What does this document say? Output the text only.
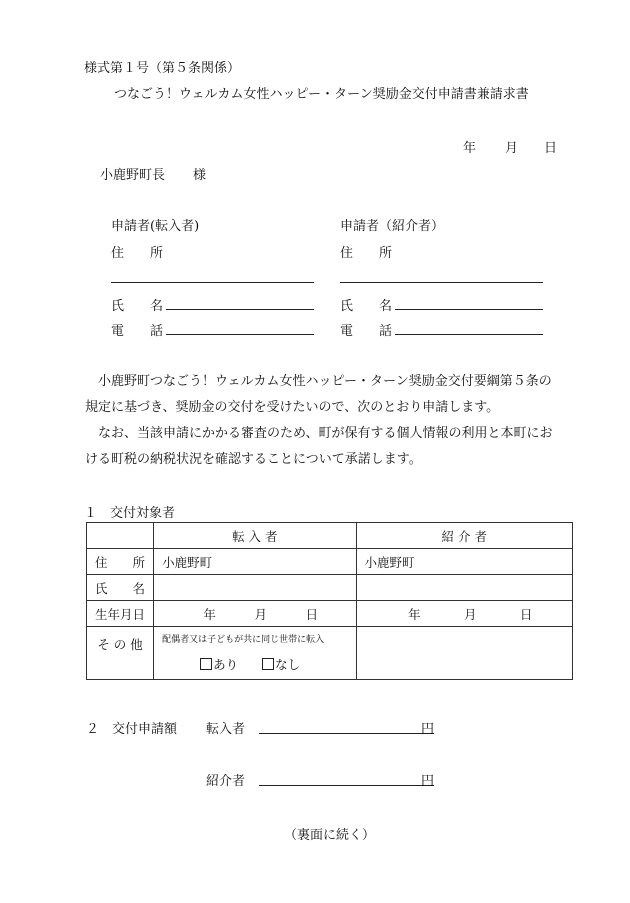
様式第１号（第５条関係）
つなごう！ウェルカム女性ハッピー・ターン奨励金交付申請書兼請求書
年 月 日
小鹿野町長 様
申請者(転入者)
住　　所
氏　　名
電　　話
申請者（紹介者）
住　　所
氏　　名
電　　話

小鹿野町つなごう！ウェルカム女性ハッピー・ターン奨励金交付要綱第５条の規定に基づき、奨励金の交付を受けたいので、次のとおり申請します。

なお、当該申請にかかる審査のため、町が保有する個人情報の利用と本町における町税の納税状況を確認することについて承諾します。

１　交付対象者
	転 入 者	紹 介 者
住　　所	小鹿野町	小鹿野町
氏　　名		
生年月日	年 月 日	年 月 日

そ の 他	配偶者又は子どもが共に同じ世帯に転入
あり なし	

２　交付申請額 転入者	円
紹介者	円
（裏面に続く）
